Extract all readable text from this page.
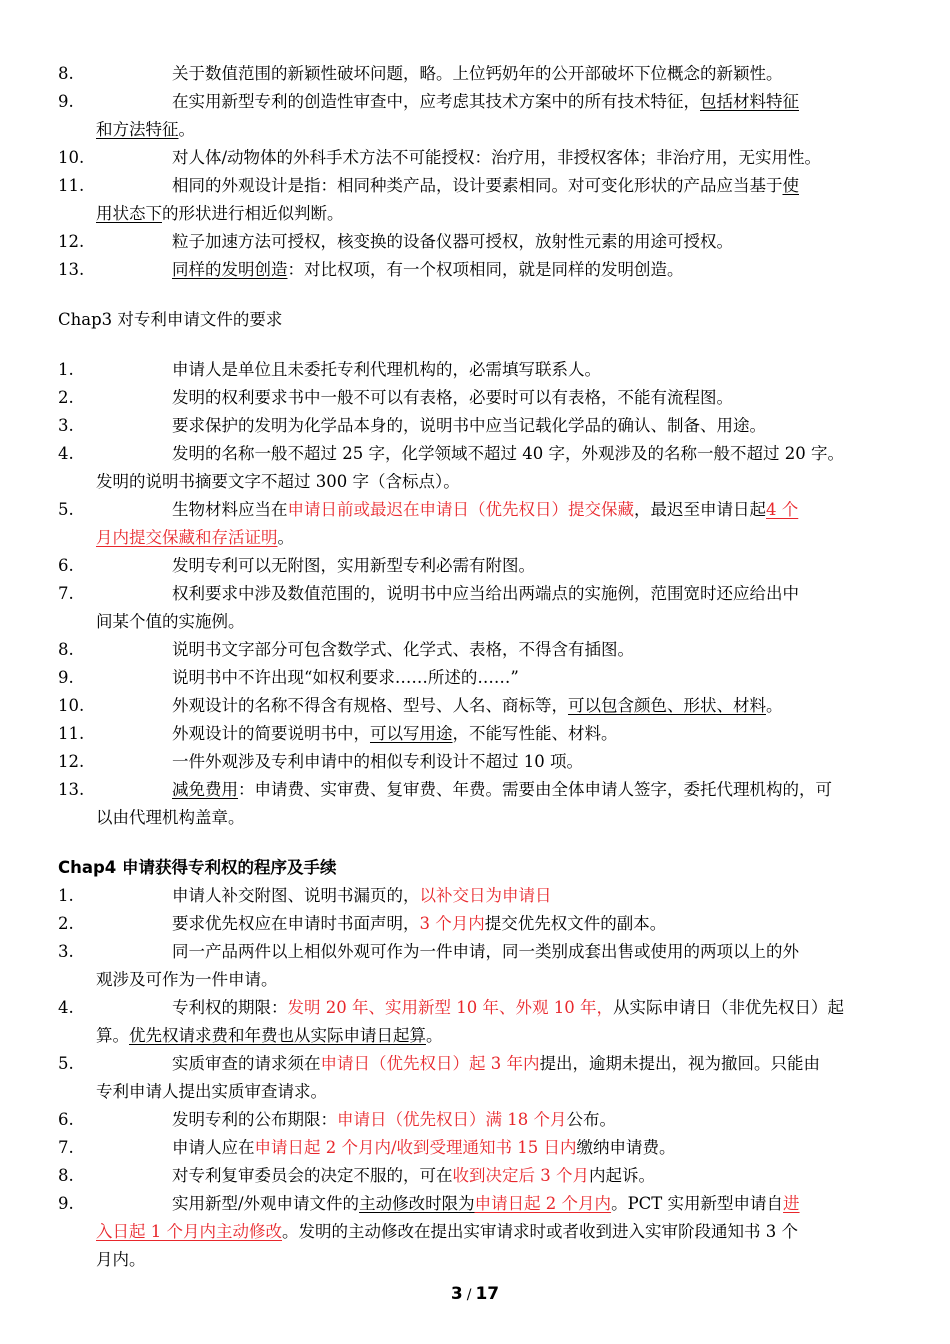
8.	关于数值范围的新颖性破坏问题，略。上位钙奶年的公开部破坏下位概念的新颖性。
9.	在实用新型专利的创造性审查中，应考虑其技术方案中的所有技术特征，包括材料特征
和方法特征。
10.	对人体/动物体的外科手术方法不可能授权：治疗用，非授权客体；非治疗用，无实用性。
11.	相同的外观设计是指：相同种类产品，设计要素相同。对可变化形状的产品应当基于使
用状态下的形状进行相近似判断。
12.	粒子加速方法可授权，核变换的设备仪器可授权，放射性元素的用途可授权。
13.	同样的发明创造：对比权项，有一个权项相同，就是同样的发明创造。
Chap3 对专利申请文件的要求
1.	申请人是单位且未委托专利代理机构的，必需填写联系人。
2.	发明的权利要求书中一般不可以有表格，必要时可以有表格，不能有流程图。
3.	要求保护的发明为化学品本身的，说明书中应当记载化学品的确认、制备、用途。
4.	发明的名称一般不超过 25 字，化学领域不超过 40 字，外观涉及的名称一般不超过 20 字。
发明的说明书摘要文字不超过 300 字（含标点）。
5.	生物材料应当在申请日前或最迟在申请日（优先权日）提交保藏，最迟至申请日起4 个
月内提交保藏和存活证明。
6.	发明专利可以无附图，实用新型专利必需有附图。
7.	权利要求中涉及数值范围的，说明书中应当给出两端点的实施例，范围宽时还应给出中
间某个值的实施例。
8.	说明书文字部分可包含数学式、化学式、表格，不得含有插图。
9.	说明书中不许出现“如权利要求……所述的……”
10.	外观设计的名称不得含有规格、型号、人名、商标等，可以包含颜色、形状、材料。
11.	外观设计的简要说明书中，可以写用途，不能写性能、材料。
12.	一件外观涉及专利申请中的相似专利设计不超过 10 项。
13.	减免费用：申请费、实审费、复审费、年费。需要由全体申请人签字，委托代理机构的，可
以由代理机构盖章。
Chap4 申请获得专利权的程序及手续
1.	申请人补交附图、说明书漏页的，以补交日为申请日
2.	要求优先权应在申请时书面声明，3 个月内提交优先权文件的副本。
3.	同一产品两件以上相似外观可作为一件申请，同一类别成套出售或使用的两项以上的外
观涉及可作为一件申请。
4.	专利权的期限：发明 20 年、实用新型 10 年、外观 10 年，从实际申请日（非优先权日）起
算。优先权请求费和年费也从实际申请日起算。
5.	实质审查的请求须在申请日（优先权日）起 3 年内提出，逾期未提出，视为撤回。只能由
专利申请人提出实质审查请求。
6.	发明专利的公布期限：申请日（优先权日）满 18 个月公布。
7.	申请人应在申请日起 2 个月内/收到受理通知书 15 日内缴纳申请费。
8.	对专利复审委员会的决定不服的，可在收到决定后 3 个月内起诉。
9.	实用新型/外观申请文件的主动修改时限为申请日起 2 个月内。PCT 实用新型申请自进
入日起 1 个月内主动修改。发明的主动修改在提出实审请求时或者收到进入实审阶段通知书 3 个
月内。
3 / 17
